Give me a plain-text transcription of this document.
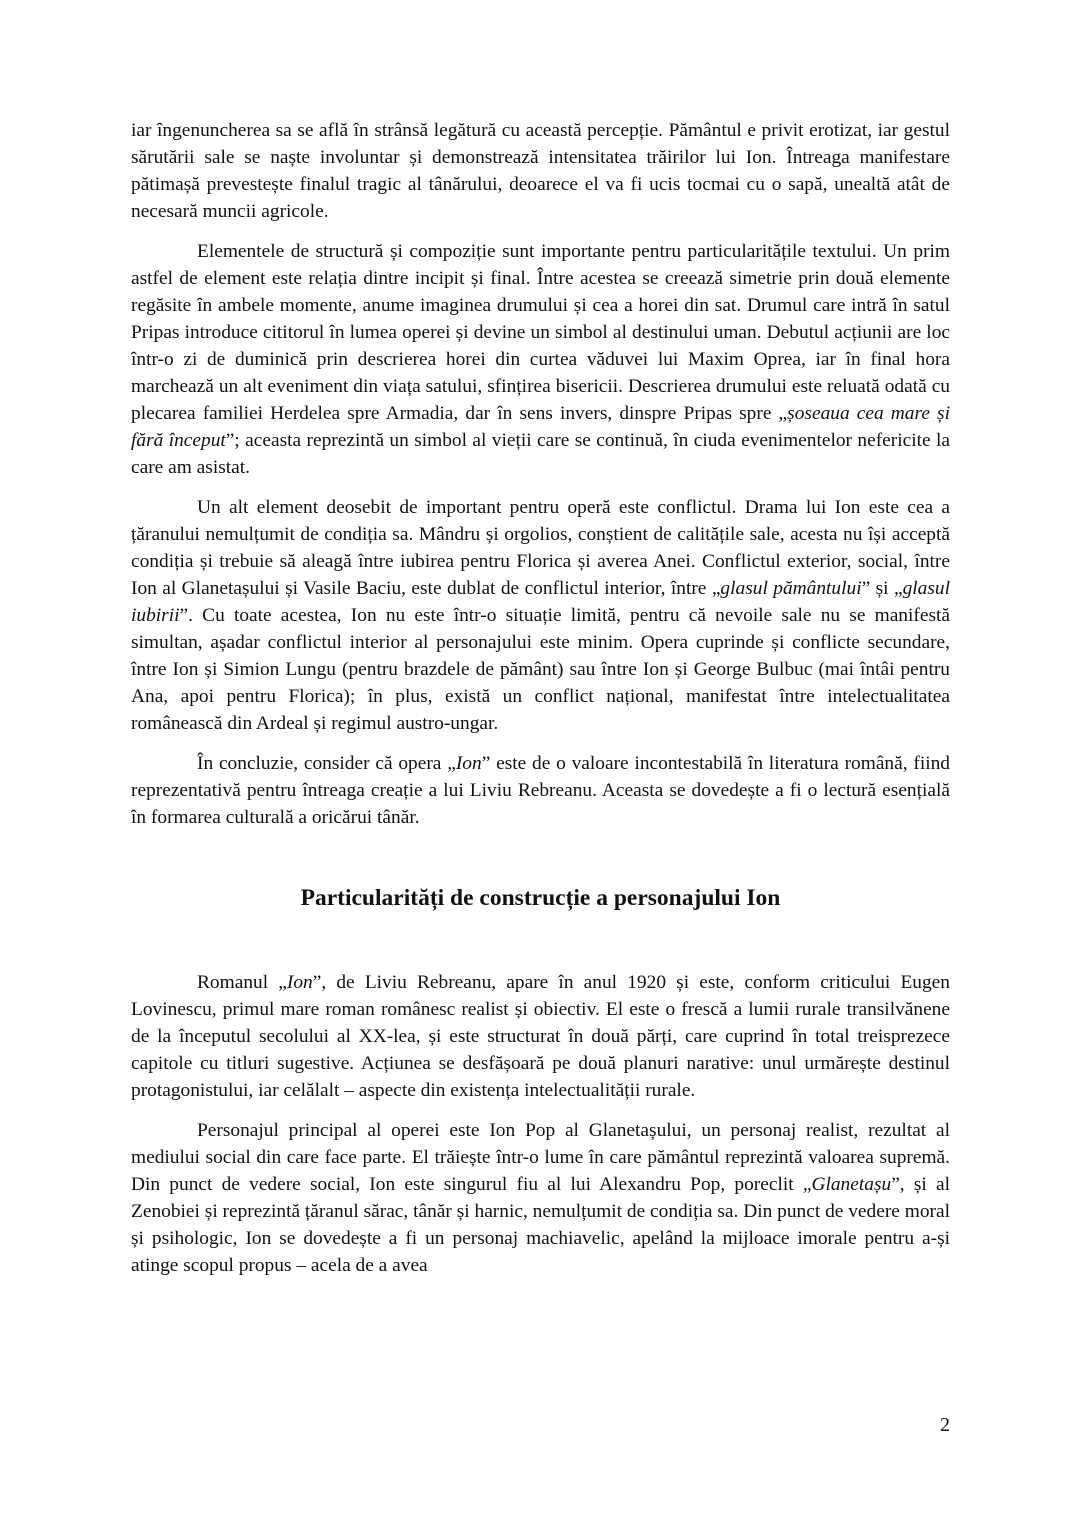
iar îngenuncherea sa se află în strânsă legătură cu această percepție. Pământul e privit erotizat, iar gestul sărutării sale se naște involuntar și demonstrează intensitatea trăirilor lui Ion. Întreaga manifestare pătimașă prevestește finalul tragic al tânărului, deoarece el va fi ucis tocmai cu o sapă, unealtă atât de necesară muncii agricole.

Elementele de structură și compoziție sunt importante pentru particularitățile textului. Un prim astfel de element este relația dintre incipit și final. Între acestea se creează simetrie prin două elemente regăsite în ambele momente, anume imaginea drumului și cea a horei din sat. Drumul care intră în satul Pripas introduce cititorul în lumea operei și devine un simbol al destinului uman. Debutul acțiunii are loc într-o zi de duminică prin descrierea horei din curtea văduvei lui Maxim Oprea, iar în final hora marchează un alt eveniment din viața satului, sfințirea bisericii. Descrierea drumului este reluată odată cu plecarea familiei Herdelea spre Armadia, dar în sens invers, dinspre Pripas spre „șoseaua cea mare și fără început”; aceasta reprezintă un simbol al vieții care se continuă, în ciuda evenimentelor nefericite la care am asistat.

Un alt element deosebit de important pentru operă este conflictul. Drama lui Ion este cea a țăranului nemulțumit de condiția sa. Mândru și orgolios, conștient de calitățile sale, acesta nu își acceptă condiția și trebuie să aleagă între iubirea pentru Florica și averea Anei. Conflictul exterior, social, între Ion al Glanetașului și Vasile Baciu, este dublat de conflictul interior, între „glasul pământului” și „glasul iubirii”. Cu toate acestea, Ion nu este într-o situație limită, pentru că nevoile sale nu se manifestă simultan, așadar conflictul interior al personajului este minim. Opera cuprinde și conflicte secundare, între Ion și Simion Lungu (pentru brazdele de pământ) sau între Ion și George Bulbuc (mai întâi pentru Ana, apoi pentru Florica); în plus, există un conflict național, manifestat între intelectualitatea românească din Ardeal și regimul austro-ungar.

În concluzie, consider că opera „Ion” este de o valoare incontestabilă în literatura română, fiind reprezentativă pentru întreaga creație a lui Liviu Rebreanu. Aceasta se dovedește a fi o lectură esențială în formarea culturală a oricărui tânăr.

Particularități de construcție a personajului Ion

Romanul „Ion”, de Liviu Rebreanu, apare în anul 1920 și este, conform criticului Eugen Lovinescu, primul mare roman românesc realist și obiectiv. El este o frescă a lumii rurale transilvănene de la începutul secolului al XX-lea, și este structurat în două părți, care cuprind în total treisprezece capitole cu titluri sugestive. Acțiunea se desfășoară pe două planuri narative: unul urmărește destinul protagonistului, iar celălalt – aspecte din existența intelectualității rurale.

Personajul principal al operei este Ion Pop al Glanetașului, un personaj realist, rezultat al mediului social din care face parte. El trăiește într-o lume în care pământul reprezintă valoarea supremă. Din punct de vedere social, Ion este singurul fiu al lui Alexandru Pop, poreclit „Glanetașu”, și al Zenobiei și reprezintă țăranul sărac, tânăr și harnic, nemulțumit de condiția sa. Din punct de vedere moral și psihologic, Ion se dovedește a fi un personaj machiavelic, apelând la mijloace imorale pentru a-și atinge scopul propus – acela de a avea

2
